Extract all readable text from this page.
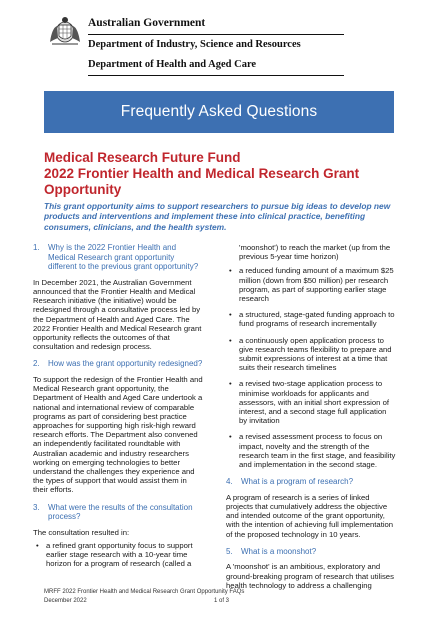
Australian Government
Department of Industry, Science and Resources
Department of Health and Aged Care
Frequently Asked Questions
Medical Research Future Fund
2022 Frontier Health and Medical Research Grant Opportunity
This grant opportunity aims to support researchers to pursue big ideas to develop new products and interventions and implement these into clinical practice, benefiting consumers, clinicians, and the health system.
1.	Why is the 2022 Frontier Health and Medical Research grant opportunity different to the previous grant opportunity?

In December 2021, the Australian Government announced that the Frontier Health and Medical Research initiative (the initiative) would be redesigned through a consultative process led by the Department of Health and Aged Care. The 2022 Frontier Health and Medical Research grant opportunity reflects the outcomes of that consultation and redesign process.

2.	How was the grant opportunity redesigned?

To support the redesign of the Frontier Health and Medical Research grant opportunity, the Department of Health and Aged Care undertook a national and international review of comparable programs as part of considering best practice approaches for supporting high risk-high reward research efforts. The Department also convened an independently facilitated roundtable with Australian academic and industry researchers working on emerging technologies to better understand the challenges they experience and the types of support that would assist them in their efforts.

3.	What were the results of the consultation process?

The consultation resulted in:

• a refined grant opportunity focus to support earlier stage research with a 10-year time horizon for a program of research (called a

'moonshot') to reach the market (up from the previous 5-year time horizon)

• a reduced funding amount of a maximum $25 million (down from $50 million) per research program, as part of supporting earlier stage research
• a structured, stage-gated funding approach to fund programs of research incrementally
• a continuously open application process to give research teams flexibility to prepare and submit expressions of interest at a time that suits their research timelines
• a revised two-stage application process to minimise workloads for applicants and assessors, with an initial short expression of interest, and a second stage full application by invitation
• a revised assessment process to focus on impact, novelty and the strength of the research team in the first stage, and feasibility and implementation in the second stage.
4.	What is a program of research?

A program of research is a series of linked projects that cumulatively address the objective and intended outcome of the grant opportunity, with the intention of achieving full implementation of the proposed technology in 10 years.

5.	What is a moonshot?

A 'moonshot' is an ambitious, exploratory and ground-breaking program of research that utilises health technology to address a challenging

MRFF 2022 Frontier Health and Medical Research Grant Opportunity FAQs
December 2022	1 of 3
